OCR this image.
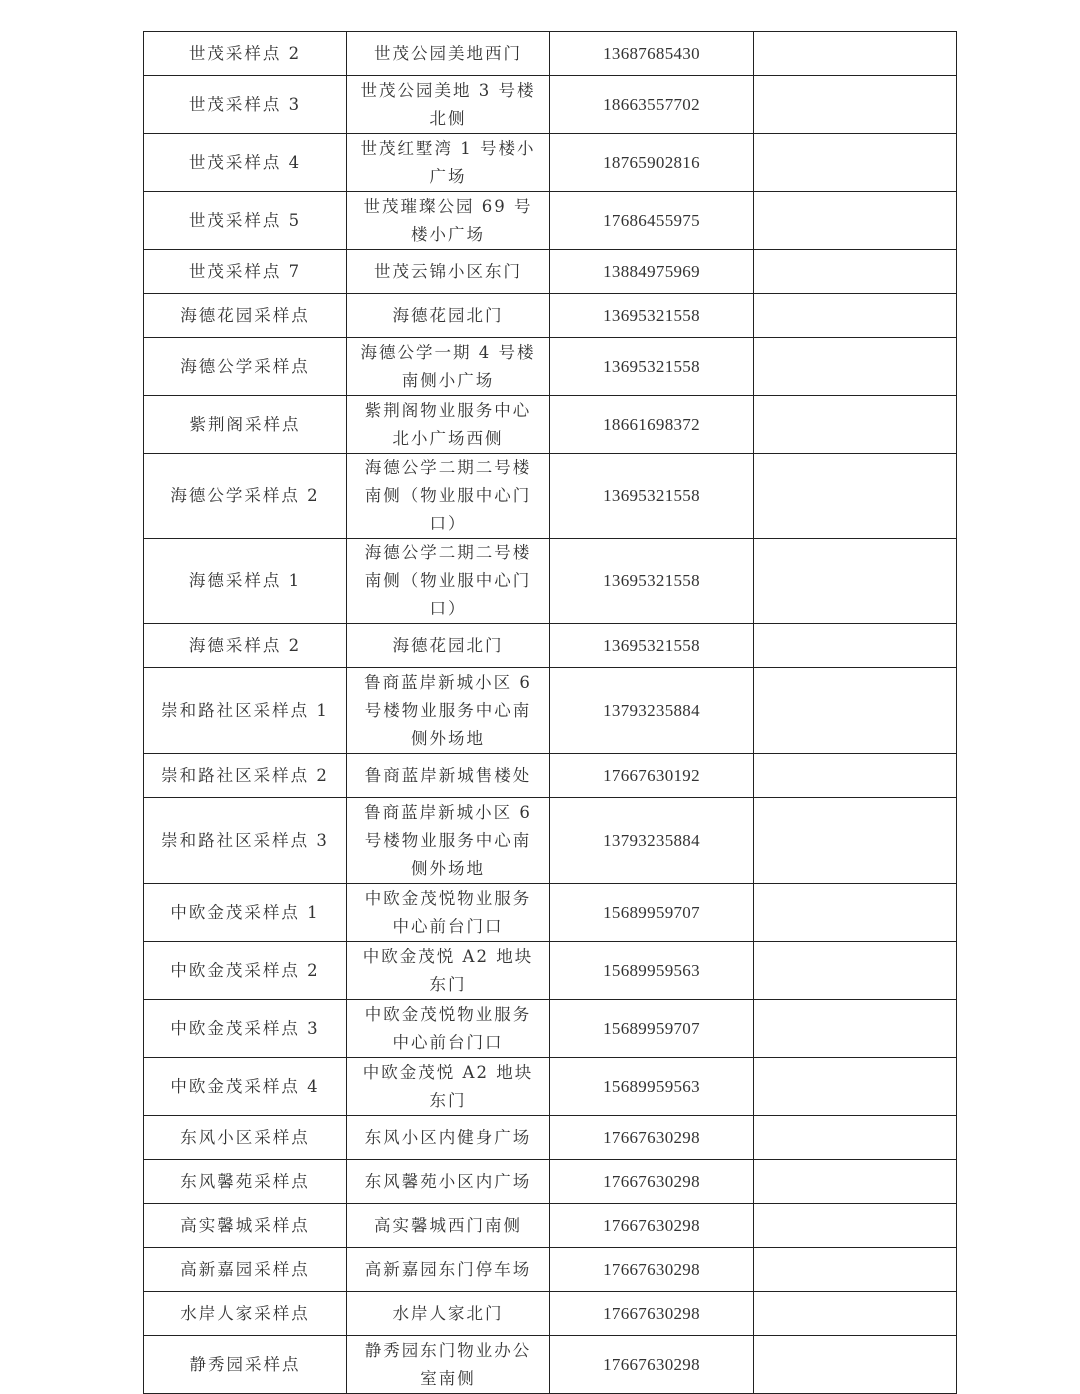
世茂采样点 2	世茂公园美地西门	13687685430	
世茂采样点 3	世茂公园美地 3 号楼北侧	18663557702	
世茂采样点 4	世茂红墅湾 1 号楼小广场	18765902816	
世茂采样点 5	世茂璀璨公园 69 号楼小广场	17686455975	
世茂采样点 7	世茂云锦小区东门	13884975969	
海德花园采样点	海德花园北门	13695321558	
海德公学采样点	海德公学一期 4 号楼南侧小广场	13695321558	
紫荆阁采样点	紫荆阁物业服务中心北小广场西侧	18661698372	
海德公学采样点 2	海德公学二期二号楼南侧（物业服中心门口）	13695321558	
海德采样点 1	海德公学二期二号楼南侧（物业服中心门口）	13695321558	
海德采样点 2	海德花园北门	13695321558	
崇和路社区采样点 1	鲁商蓝岸新城小区 6 号楼物业服务中心南侧外场地	13793235884	
崇和路社区采样点 2	鲁商蓝岸新城售楼处	17667630192	
崇和路社区采样点 3	鲁商蓝岸新城小区 6 号楼物业服务中心南侧外场地	13793235884	
中欧金茂采样点 1	中欧金茂悦物业服务中心前台门口	15689959707	
中欧金茂采样点 2	中欧金茂悦 A2 地块东门	15689959563	
中欧金茂采样点 3	中欧金茂悦物业服务中心前台门口	15689959707	
中欧金茂采样点 4	中欧金茂悦 A2 地块东门	15689959563	
东风小区采样点	东风小区内健身广场	17667630298	
东风馨苑采样点	东风馨苑小区内广场	17667630298	
高实馨城采样点	高实馨城西门南侧	17667630298	
高新嘉园采样点	高新嘉园东门停车场	17667630298	
水岸人家采样点	水岸人家北门	17667630298	
静秀园采样点	静秀园东门物业办公室南侧	17667630298	
